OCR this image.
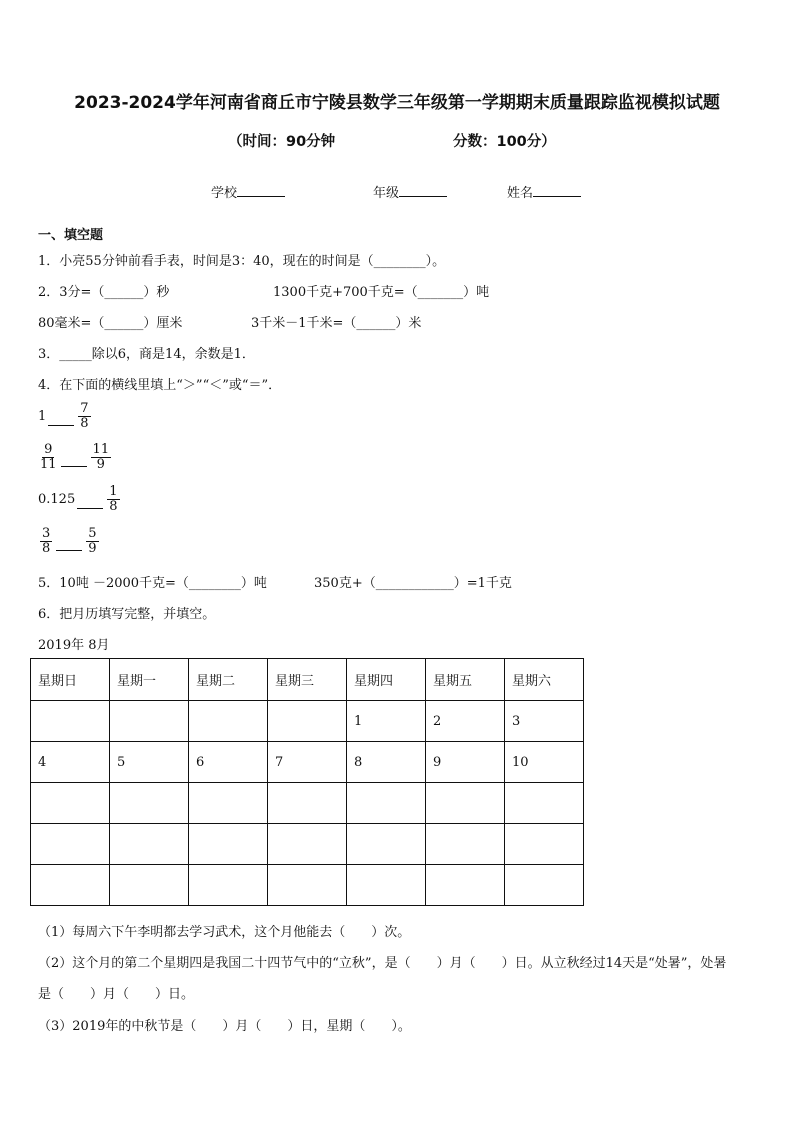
2023-2024学年河南省商丘市宁陵县数学三年级第一学期期末质量跟踪监视模拟试题
（时间：90分钟	分数：100分）
学校	年级	姓名
一、填空题
1．小亮55分钟前看手表，时间是3：40，现在的时间是（________）。
2．3分=（______）秒	1300千克+700千克=（_______）吨
80毫米=（______）厘米	3千米－1千米=（______）米
3．_____除以6，商是14，余数是1．
4．在下面的横线里填上“＞”“＜”或“＝”．
$1 \frac{7}{8}$
$\frac{9}{11}$	$\frac{11}{9}$
$0.125 \frac{1}{8}$
$\frac{3}{8}$	$\frac{5}{9}$
5．10吨 －2000千克=（________）吨	350克+（____________）=1千克
6．把月历填写完整，并填空。
2019年 8月
星期日	星期一	星期二	星期三	星期四	星期五	星期六
				1	2	3
4	5	6	7	8	9	10

（1）每周六下午李明都去学习武术，这个月他能去（　　）次。
（2）这个月的第二个星期四是我国二十四节气中的“立秋”，是（　　）月（　　）日。从立秋经过14天是“处暑”，处暑
是（　　）月（　　）日。
（3）2019年的中秋节是（　　）月（　　）日，星期（　　）。
